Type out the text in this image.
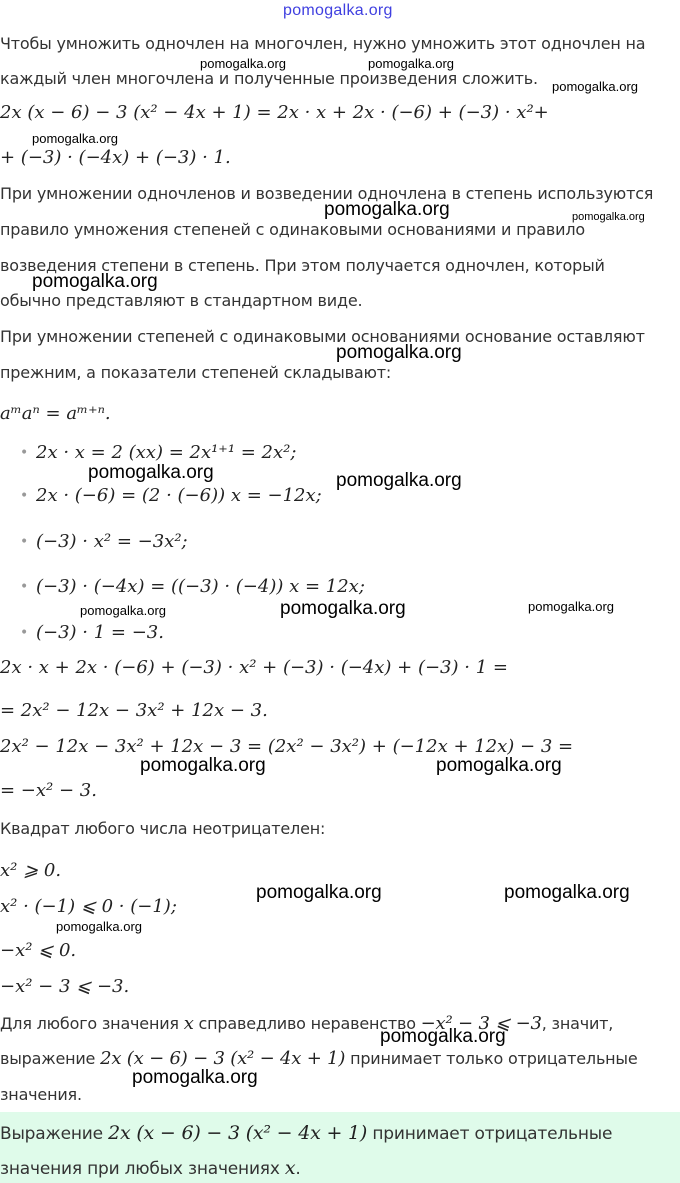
pomogalka.org
Чтобы умножить одночлен на многочлен, нужно умножить этот одночлен на
каждый член многочлена и полученные произведения сложить.
2x (x − 6) − 3 (x² − 4x + 1) = 2x · x + 2x · (−6) + (−3) · x²+
+ (−3) · (−4x) + (−3) · 1.
При умножении одночленов и возведении одночлена в степень используются
правило умножения степеней с одинаковыми основаниями и правило
возведения степени в степень. При этом получается одночлен, который
обычно представляют в стандартном виде.
При умножении степеней с одинаковыми основаниями основание оставляют
прежним, а показатели степеней складывают:
aᵐaⁿ = aᵐ⁺ⁿ.
• 2x · x = 2 (xx) = 2x¹⁺¹ = 2x²;
• 2x · (−6) = (2 · (−6)) x = −12x;
• (−3) · x² = −3x²;
• (−3) · (−4x) = ((−3) · (−4)) x = 12x;
• (−3) · 1 = −3.
2x · x + 2x · (−6) + (−3) · x² + (−3) · (−4x) + (−3) · 1 =
= 2x² − 12x − 3x² + 12x − 3.
2x² − 12x − 3x² + 12x − 3 = (2x² − 3x²) + (−12x + 12x) − 3 =
= −x² − 3.
Квадрат любого числа неотрицателен:
x² ⩾ 0.
x² · (−1) ⩽ 0 · (−1);
−x² ⩽ 0.
−x² − 3 ⩽ −3.
Для любого значения x справедливо неравенство −x² − 3 ⩽ −3, значит,
выражение 2x (x − 6) − 3 (x² − 4x + 1) принимает только отрицательные
значения.
Выражение 2x (x − 6) − 3 (x² − 4x + 1) принимает отрицательные
значения при любых значениях x.
pomogalka.org	pomogalka.org
pomogalka.org
pomogalka.org
pomogalka.org	pomogalka.org
pomogalka.org
pomogalka.org
pomogalka.org	pomogalka.org
pomogalka.org	pomogalka.org	pomogalka.org
pomogalka.org	pomogalka.org
pomogalka.org	pomogalka.org
pomogalka.org
pomogalka.org
pomogalka.org
